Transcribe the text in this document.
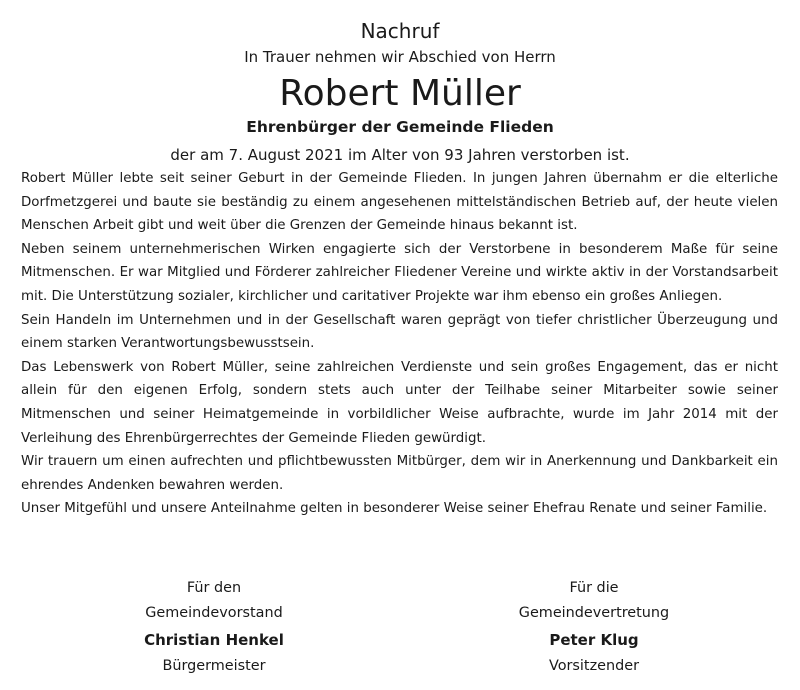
Nachruf
In Trauer nehmen wir Abschied von Herrn
Robert Müller
Ehrenbürger der Gemeinde Flieden
der am 7. August 2021 im Alter von 93 Jahren verstorben ist.

Robert Müller lebte seit seiner Geburt in der Gemeinde Flieden. In jungen Jahren übernahm er die elterliche Dorfmetzgerei und baute sie beständig zu einem angesehenen mittelständischen Betrieb auf, der heute vielen Menschen Arbeit gibt und weit über die Grenzen der Gemeinde hinaus bekannt ist.

Neben seinem unternehmerischen Wirken engagierte sich der Verstorbene in besonderem Maße für seine Mitmenschen. Er war Mitglied und Förderer zahlreicher Fliedener Vereine und wirkte aktiv in der Vorstandsarbeit mit. Die Unterstützung sozialer, kirchlicher und caritativer Projekte war ihm ebenso ein großes Anliegen.

Sein Handeln im Unternehmen und in der Gesellschaft waren geprägt von tiefer christlicher Überzeugung und einem starken Verantwortungsbewusstsein.

Das Lebenswerk von Robert Müller, seine zahlreichen Verdienste und sein großes Engagement, das er nicht allein für den eigenen Erfolg, sondern stets auch unter der Teilhabe seiner Mitarbeiter sowie seiner Mitmenschen und seiner Heimatgemeinde in vorbildlicher Weise aufbrachte, wurde im Jahr 2014 mit der Verleihung des Ehrenbürgerrechtes der Gemeinde Flieden gewürdigt.

Wir trauern um einen aufrechten und pflichtbewussten Mitbürger, dem wir in Anerkennung und Dankbarkeit ein ehrendes Andenken bewahren werden.

Unser Mitgefühl und unsere Anteilnahme gelten in besonderer Weise seiner Ehefrau Renate und seiner Familie.

Für den
Gemeindevorstand
Christian Henkel
Bürgermeister
Für die
Gemeindevertretung
Peter Klug
Vorsitzender
